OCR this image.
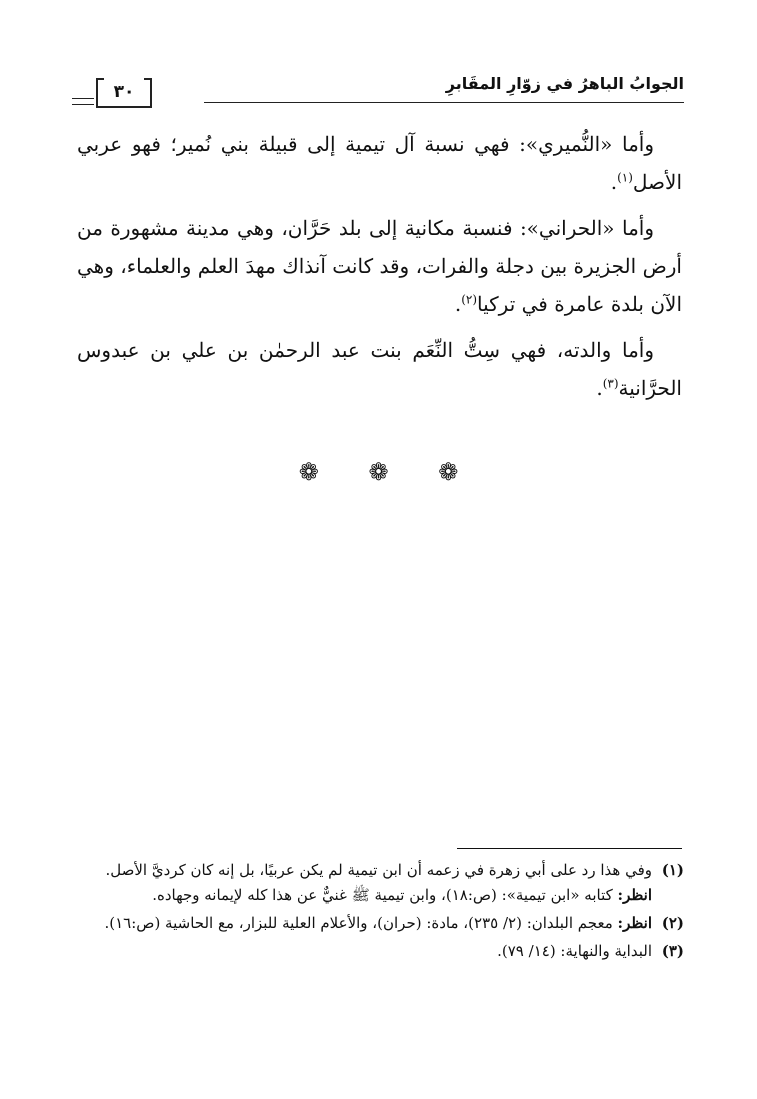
الجوابُ الباهرُ في زوّارِ المقَابرِ
٣٠

وأما «النُّميري»: فهي نسبة آل تيمية إلى قبيلة بني نُمير؛ فهو عربي الأصل$^{(١)}$.

وأما «الحراني»: فنسبة مكانية إلى بلد حَرَّان، وهي مدينة مشهورة من أرض الجزيرة بين دجلة والفرات، وقد كانت آنذاك مهدَ العلم والعلماء، وهي الآن بلدة عامرة في تركيا$^{(٢)}$.

وأما والدته، فهي سِتُّ النِّعَم بنت عبد الرحمٰن بن علي بن عبدوس الحرَّانية$^{(٣)}$.

❁ ❁ ❁
(١)
وفي هذا رد على أبي زهرة في زعمه أن ابن تيمية لم يكن عربيًا، بل إنه كان كرديَّ الأصل.
انظر: كتابه «ابن تيمية»: (ص:١٨)، وابن تيمية ﷺ غنيٌّ عن هذا كله لإيمانه وجهاده.
(٢)
انظر: معجم البلدان: (٢/ ٢٣٥)، مادة: (حران)، والأعلام العلية للبزار، مع الحاشية (ص:١٦).
(٣)
البداية والنهاية: (١٤/ ٧٩).
